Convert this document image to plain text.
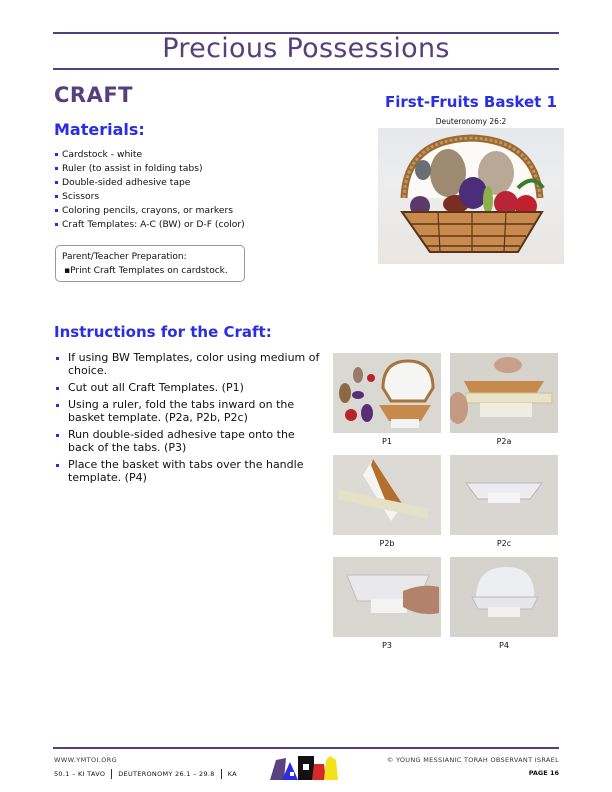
Precious Possessions
CRAFT
Materials:
Cardstock - white
Ruler (to assist in folding tabs)
Double-sided adhesive tape
Scissors
Coloring pencils, crayons, or markers
Craft Templates: A-C (BW) or D-F (color)
Parent/Teacher Preparation:
▪Print Craft Templates on cardstock.
First-Fruits Basket 1
Deuteronomy 26:2
Instructions for the Craft:
If using BW Templates, color using medium of choice.
Cut out all Craft Templates. (P1)
Using a ruler, fold the tabs inward on the basket template. (P2a, P2b, P2c)
Run double-sided adhesive tape onto the back of the tabs. (P3)
Place the basket with tabs over the handle template. (P4)
P1	P2a
P2b	P2c
P3	P4
WWW.YMTOI.ORG
50.1 – KI TAVO DEUTERONOMY 26.1 – 29.8 KA
© YOUNG MESSIANIC TORAH OBSERVANT ISRAEL
PAGE 16
